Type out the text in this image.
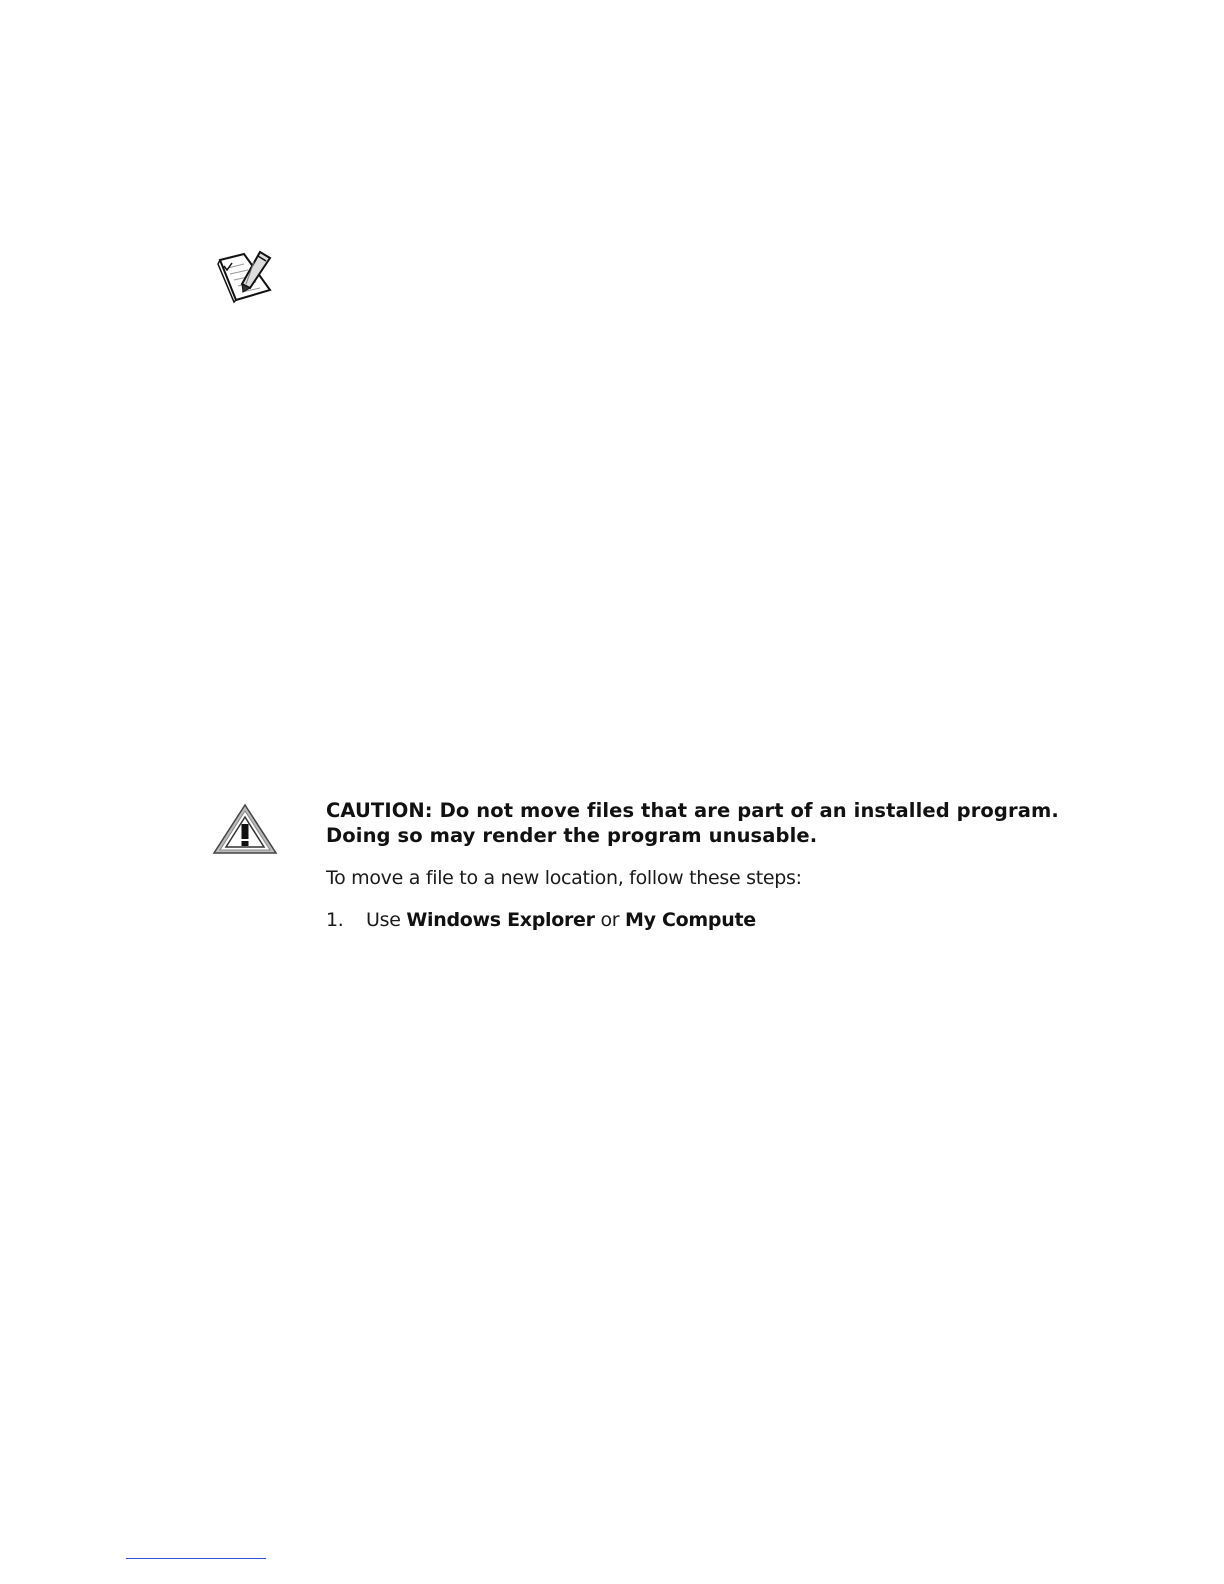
CAUTION: Do not move files that are part of an installed program. Doing so may render the program unusable.

To move a file to a new location, follow these steps:

1. Use Windows Explorer or My Compute
